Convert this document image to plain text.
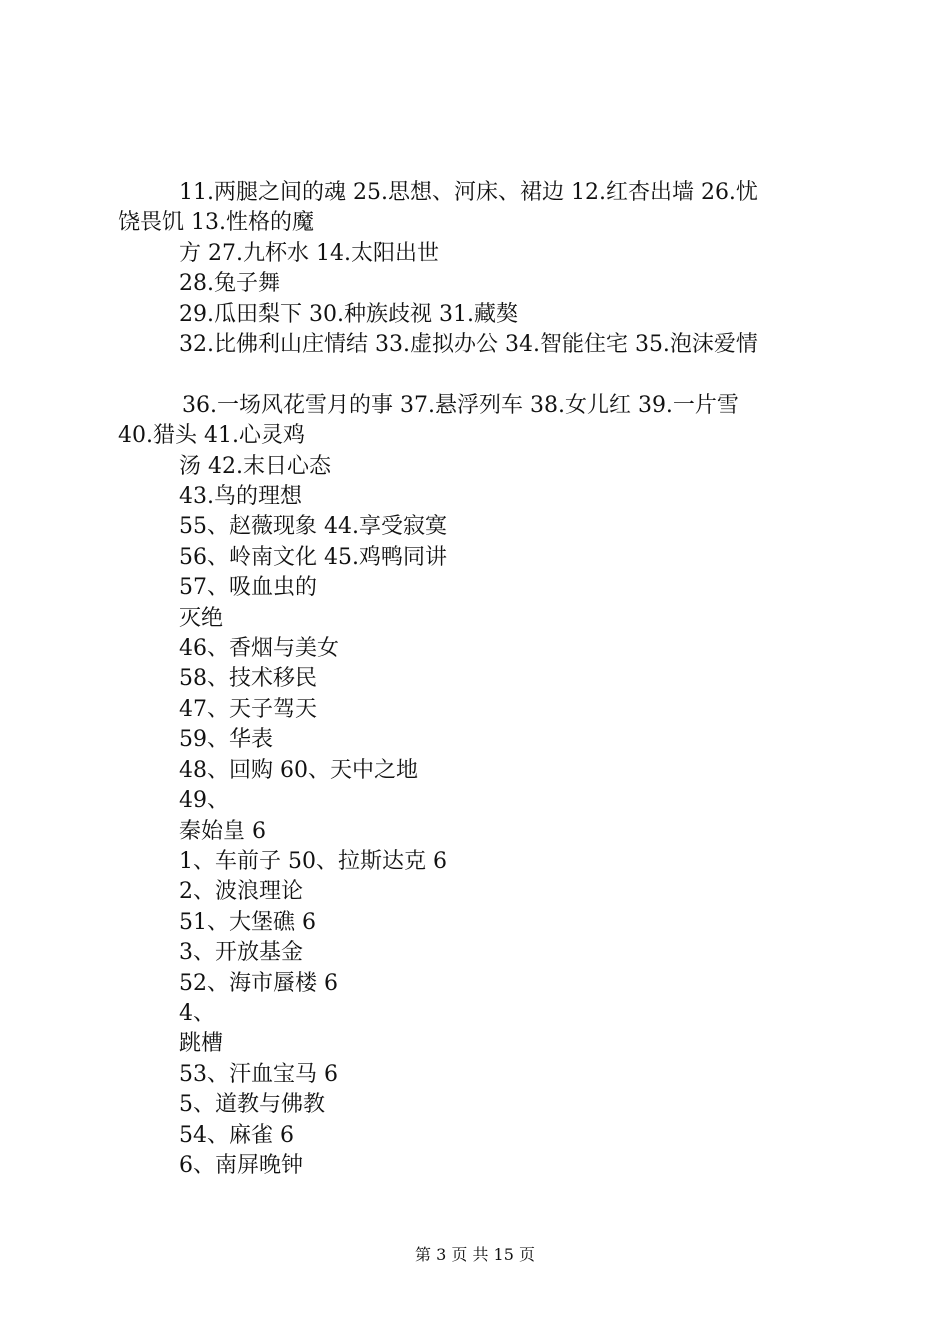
11.两腿之间的魂 25.思想、河床、裙边 12.红杏出墙 26.忧

饶畏饥 13.性格的魔

方 27.九杯水 14.太阳出世

28.兔子舞

29.瓜田梨下 30.种族歧视 31.藏獒

32.比佛利山庄情结 33.虚拟办公 34.智能住宅 35.泡沫爱情

36.一场风花雪月的事 37.悬浮列车 38.女儿红 39.一片雪

40.猎头 41.心灵鸡

汤 42.末日心态

43.鸟的理想

55、赵薇现象 44.享受寂寞

56、岭南文化 45.鸡鸭同讲

57、吸血虫的

灭绝

46、香烟与美女

58、技术移民

47、天子驾天

59、华表

48、回购 60、天中之地

49、

秦始皇 6

1、车前子 50、拉斯达克 6

2、波浪理论

51、大堡礁 6

3、开放基金

52、海市蜃楼 6

4、

跳槽

53、汗血宝马 6

5、道教与佛教

54、麻雀 6

6、南屏晚钟

第 3 页 共 15 页
